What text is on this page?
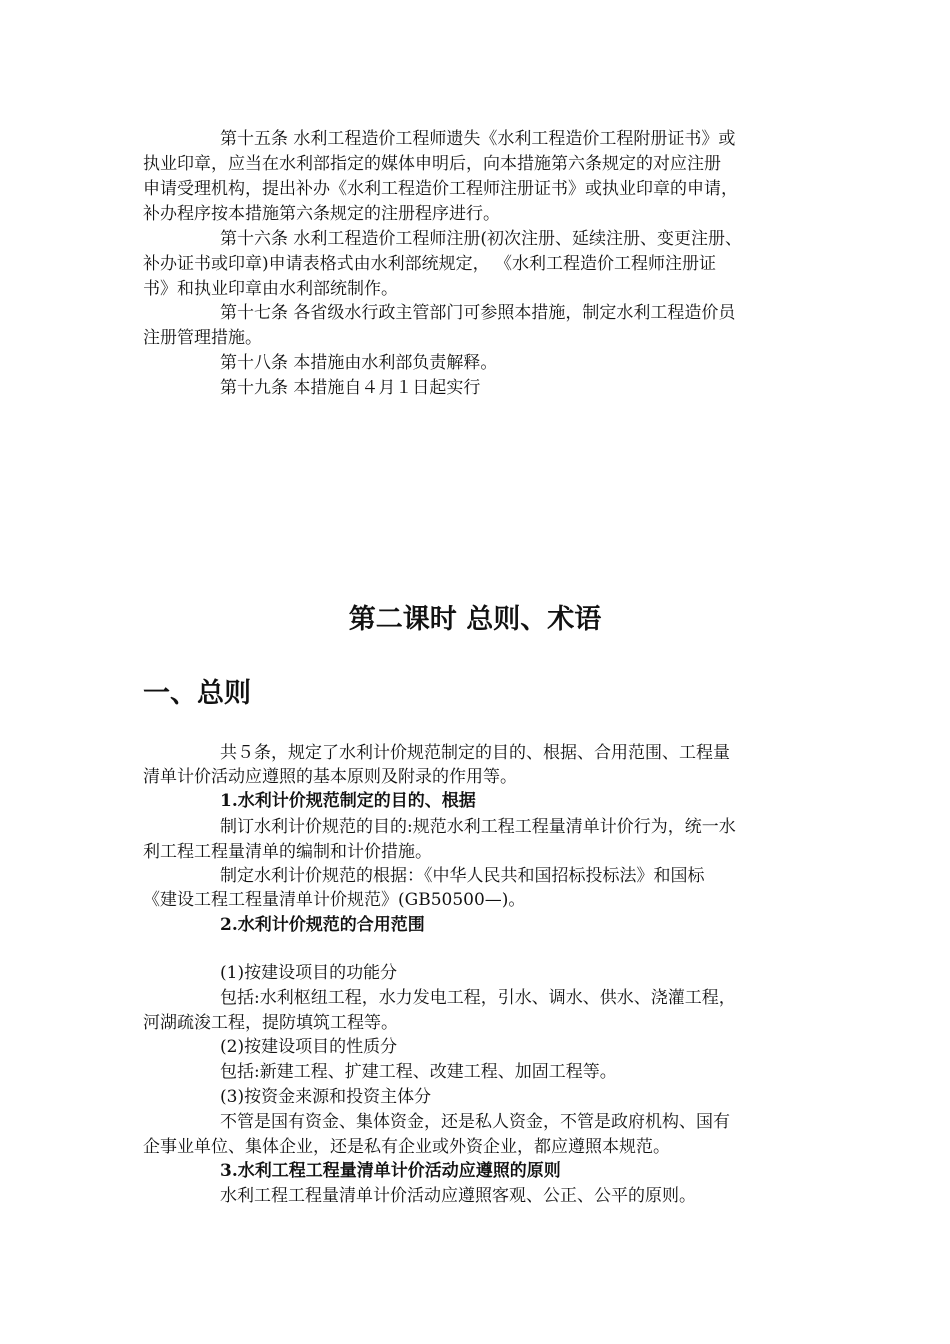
第十五条 水利工程造价工程师遗失《水利工程造价工程附册证书》或
执业印章，应当在水利部指定的媒体申明后，向本措施第六条规定的对应注册
申请受理机构，提出补办《水利工程造价工程师注册证书》或执业印章的申请，
补办程序按本措施第六条规定的注册程序进行。
第十六条 水利工程造价工程师注册(初次注册、延续注册、变更注册、
补办证书或印章)申请表格式由水利部统规定， 《水利工程造价工程师注册证
书》和执业印章由水利部统制作。
第十七条 各省级水行政主管部门可参照本措施，制定水利工程造价员
注册管理措施。
第十八条 本措施由水利部负责解释。
第十九条 本措施自４月１日起实行
第二课时 总则、术语
一、总则
共５条，规定了水利计价规范制定的目的、根据、合用范围、工程量
清单计价活动应遵照的基本原则及附录的作用等。
1.水利计价规范制定的目的、根据
制订水利计价规范的目的:规范水利工程工程量清单计价行为，统一水
利工程工程量清单的编制和计价措施。
制定水利计价规范的根据：《中华人民共和国招标投标法》和国标
《建设工程工程量清单计价规范》(GB50500—)。
2.水利计价规范的合用范围
(1)按建设项目的功能分
包括:水利枢纽工程，水力发电工程，引水、调水、供水、浇灌工程，
河湖疏浚工程，提防填筑工程等。
(2)按建设项目的性质分
包括:新建工程、扩建工程、改建工程、加固工程等。
(3)按资金来源和投资主体分
不管是国有资金、集体资金，还是私人资金，不管是政府机构、国有
企事业单位、集体企业，还是私有企业或外资企业，都应遵照本规范。
3.水利工程工程量清单计价活动应遵照的原则
水利工程工程量清单计价活动应遵照客观、公正、公平的原则。
